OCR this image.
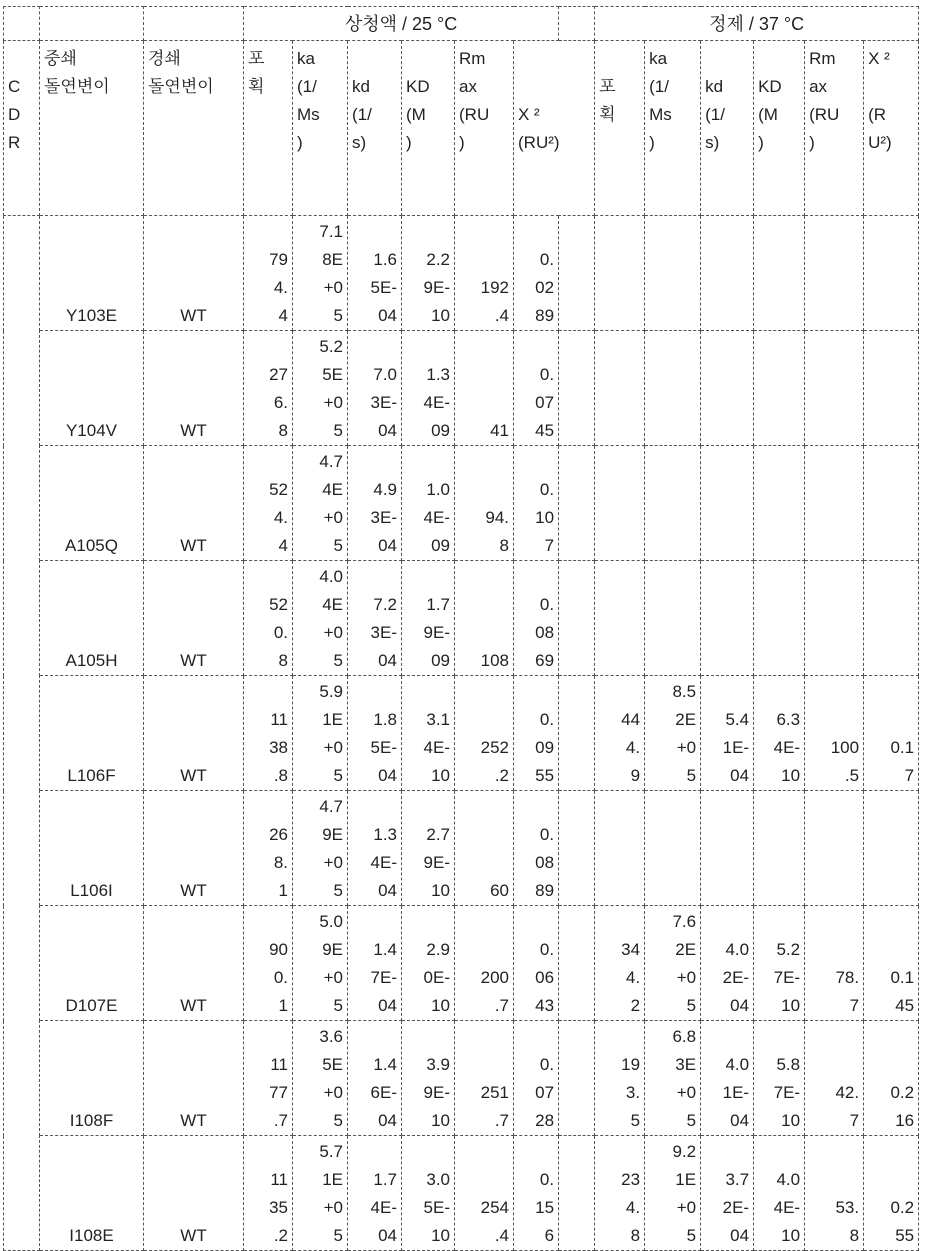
			상청액 / 25 °C		정제 / 37 °C
C
D
R	중쇄
돌연변이	경쇄
돌연변이	포
획	ka
(1/
Ms
)	kd
(1/
s)	KD
(M
)	Rm
ax
(RU
)	X ²
(RU²)	포
획	ka
(1/
Ms
)	kd
(1/
s)	KD
(M
)	Rm
ax
(RU
)	X ²

(R
U²)
	Y103E	WT	79
4.
4	7.1
8E
+0
5	1.6
5E-
04	2.2
9E-
10	192
.4	0.
02
89							
Y104V	WT	27
6.
8	5.2
5E
+0
5	7.0
3E-
04	1.3
4E-
09	41	0.
07
45							
A105Q	WT	52
4.
4	4.7
4E
+0
5	4.9
3E-
04	1.0
4E-
09	94.
8	0.
10
7							
A105H	WT	52
0.
8	4.0
4E
+0
5	7.2
3E-
04	1.7
9E-
09	108	0.
08
69							
L106F	WT	11
38
.8	5.9
1E
+0
5	1.8
5E-
04	3.1
4E-
10	252
.2	0.
09
55		44
4.
9	8.5
2E
+0
5	5.4
1E-
04	6.3
4E-
10	100
.5	0.1
7
L106I	WT	26
8.
1	4.7
9E
+0
5	1.3
4E-
04	2.7
9E-
10	60	0.
08
89							
D107E	WT	90
0.
1	5.0
9E
+0
5	1.4
7E-
04	2.9
0E-
10	200
.7	0.
06
43		34
4.
2	7.6
2E
+0
5	4.0
2E-
04	5.2
7E-
10	78.
7	0.1
45
I108F	WT	11
77
.7	3.6
5E
+0
5	1.4
6E-
04	3.9
9E-
10	251
.7	0.
07
28		19
3.
5	6.8
3E
+0
5	4.0
1E-
04	5.8
7E-
10	42.
7	0.2
16
I108E	WT	11
35
.2	5.7
1E
+0
5	1.7
4E-
04	3.0
5E-
10	254
.4	0.
15
6		23
4.
8	9.2
1E
+0
5	3.7
2E-
04	4.0
4E-
10	53.
8	0.2
55
